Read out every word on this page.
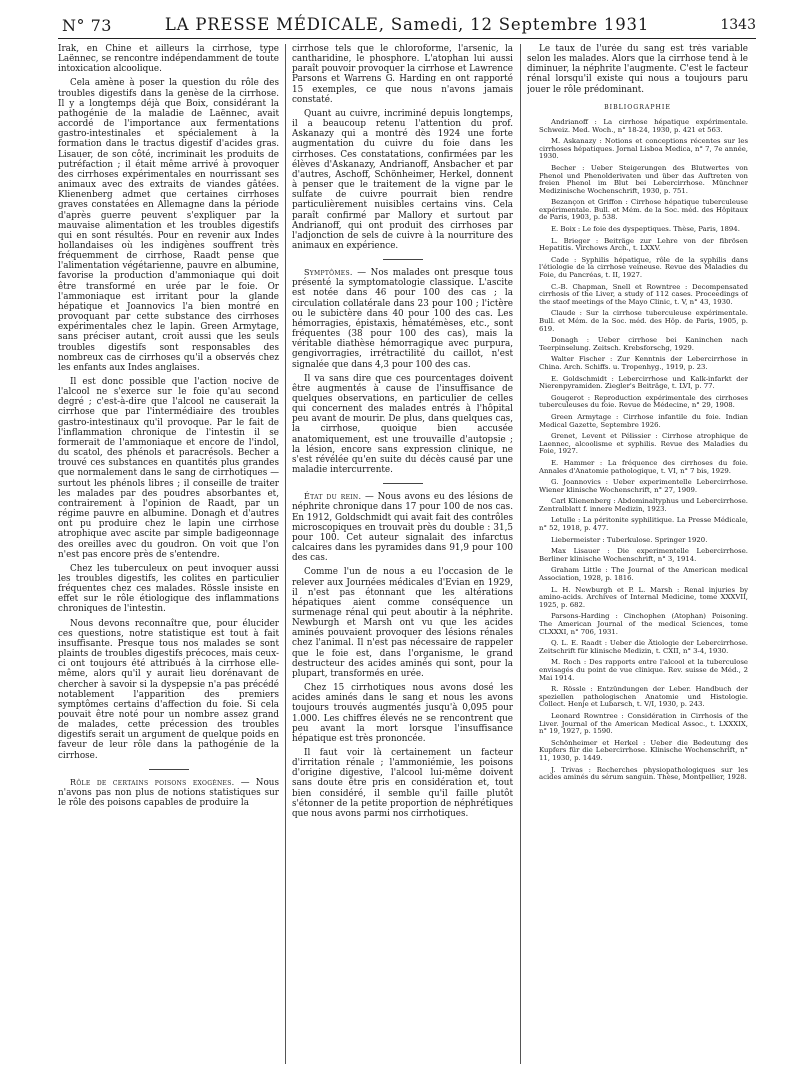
N° 73	LA PRESSE MÉDICALE, Samedi, 12 Septembre 1931	1343

Irak, en Chine et ailleurs la cirrhose, type Laënnec, se rencontre indépendamment de toute intoxication alcoolique.

Cela amène à poser la question du rôle des troubles digestifs dans la genèse de la cirrhose. Il y a longtemps déjà que Boix, considérant la pathogénie de la maladie de Laënnec, avait accordé de l'importance aux fermentations gastro-intestinales et spécialement à la formation dans le tractus digestif d'acides gras. Lisauer, de son côté, incriminait les produits de putréfaction ; il était même arrivé à provoquer des cirrhoses expérimentales en nourrissant ses animaux avec des extraits de viandes gâtées. Klienenberg admet que certaines cirrhoses graves constatées en Allemagne dans la période d'après guerre peuvent s'expliquer par la mauvaise alimentation et les troubles digestifs qui en sont résultés. Pour en revenir aux Indes hollandaises où les indigènes souffrent très fréquemment de cirrhose, Raadt pense que l'alimentation végétarienne, pauvre en albumine, favorise la production d'ammoniaque qui doit être transformé en urée par le foie. Or l'ammoniaque est irritant pour la glande hépatique et Joannovics l'a bien montré en provoquant par cette substance des cirrhoses expérimentales chez le lapin. Green Armytage, sans préciser autant, croit aussi que les seuls troubles digestifs sont responsables des nombreux cas de cirrhoses qu'il a observés chez les enfants aux Indes anglaises.

Il est donc possible que l'action nocive de l'alcool ne s'exerce sur le foie qu'au second degré ; c'est-à-dire que l'alcool ne causerait la cirrhose que par l'intermédiaire des troubles gastro-intestinaux qu'il provoque. Par le fait de l'inflammation chronique de l'intestin il se formerait de l'ammoniaque et encore de l'indol, du scatol, des phénols et paracrésols. Becher a trouvé ces substances en quantités plus grandes que normalement dans le sang de cirrhotiques — surtout les phénols libres ; il conseille de traiter les malades par des poudres absorbantes et, contrairement à l'opinion de Raadt, par un régime pauvre en albumine. Donagh et d'autres ont pu produire chez le lapin une cirrhose atrophique avec ascite par simple badigeonnage des oreilles avec du goudron. On voit que l'on n'est pas encore près de s'entendre.

Chez les tuberculeux on peut invoquer aussi les troubles digestifs, les colites en particulier fréquentes chez ces malades. Rössle insiste en effet sur le rôle étiologique des inflammations chroniques de l'intestin.

Nous devons reconnaître que, pour élucider ces questions, notre statistique est tout à fait insuffisante. Presque tous nos malades se sont plaints de troubles digestifs précoces, mais ceux-ci ont toujours été attribués à la cirrhose elle-même, alors qu'il y aurait lieu dorénavant de chercher à savoir si la dyspepsie n'a pas précédé notablement l'apparition des premiers symptômes certains d'affection du foie. Si cela pouvait être noté pour un nombre assez grand de malades, cette précession des troubles digestifs serait un argument de quelque poids en faveur de leur rôle dans la pathogénie de la cirrhose.

Rôle de certains poisons exogènes. — Nous n'avons pas non plus de notions statistiques sur le rôle des poisons capables de produire la

cirrhose tels que le chloroforme, l'arsenic, la cantharidine, le phosphore. L'atophan lui aussi paraît pouvoir provoquer la cirrhose et Lawrence Parsons et Warrens G. Harding en ont rapporté 15 exemples, ce que nous n'avons jamais constaté.

Quant au cuivre, incriminé depuis longtemps, il a beaucoup retenu l'attention du prof. Askanazy qui a montré dès 1924 une forte augmentation du cuivre du foie dans les cirrhoses. Ces constatations, confirmées par les élèves d'Askanazy, Andrianoff, Ansbacher et par d'autres, Aschoff, Schönheimer, Herkel, donnent à penser que le traitement de la vigne par le sulfate de cuivre pourrait bien rendre particulièrement nuisibles certains vins. Cela paraît confirmé par Mallory et surtout par Andrianoff, qui ont produit des cirrhoses par l'adjonction de sels de cuivre à la nourriture des animaux en expérience.

Symptômes. — Nos malades ont presque tous présenté la symptomatologie classique. L'ascite est notée dans 46 pour 100 des cas ; la circulation collatérale dans 23 pour 100 ; l'ictère ou le subictère dans 40 pour 100 des cas. Les hémorragies, épistaxis, hématémèses, etc., sont fréquentes (38 pour 100 des cas), mais la véritable diathèse hémorragique avec purpura, gengivorragies, irrétractilité du caillot, n'est signalée que dans 4,3 pour 100 des cas.

Il va sans dire que ces pourcentages doivent être augmentés à cause de l'insuffisance de quelques observations, en particulier de celles qui concernent des malades entrés à l'hôpital peu avant de mourir. De plus, dans quelques cas, la cirrhose, quoique bien accusée anatomiquement, est une trouvaille d'autopsie ; la lésion, encore sans expression clinique, ne s'est révélée qu'en suite du décès causé par une maladie intercurrente.

État du rein. — Nous avons eu des lésions de néphrite chronique dans 17 pour 100 de nos cas. En 1912, Goldschmidt qui avait fait des contrôles microscopiques en trouvait près du double : 31,5 pour 100. Cet auteur signalait des infarctus calcaires dans les pyramides dans 91,9 pour 100 des cas.

Comme l'un de nous a eu l'occasion de le relever aux Journées médicales d'Evian en 1929, il n'est pas étonnant que les altérations hépatiques aient comme conséquence un surmenage rénal qui peut aboutir à la néphrite. Newburgh et Marsh ont vu que les acides aminés pouvaient provoquer des lésions rénales chez l'animal. Il n'est pas nécessaire de rappeler que le foie est, dans l'organisme, le grand destructeur des acides aminés qui sont, pour la plupart, transformés en urée.

Chez 15 cirrhotiques nous avons dosé les acides aminés dans le sang et nous les avons toujours trouvés augmentés jusqu'à 0,095 pour 1.000. Les chiffres élevés ne se rencontrent que peu avant la mort lorsque l'insuffisance hépatique est très prononcée.

Il faut voir là certainement un facteur d'irritation rénale ; l'ammoniémie, les poisons d'origine digestive, l'alcool lui-même doivent sans doute être pris en considération et, tout bien considéré, il semble qu'il faille plutôt s'étonner de la petite proportion de néphrétiques que nous avons parmi nos cirrhotiques.

Le taux de l'urée du sang est très variable selon les malades. Alors que la cirrhose tend à le diminuer, la néphrite l'augmente. C'est le facteur rénal lorsqu'il existe qui nous a toujours paru jouer le rôle prédominant.

BIBLIOGRAPHIE

Andrianoff : La cirrhose hépatique expérimentale. Schweiz. Med. Woch., n° 18-24, 1930, p. 421 et 563.

M. Askanazy : Notions et conceptions récentes sur les cirrhoses hépatiques. Jornal Lisboa Medica, n° 7, 7e année, 1930.

Becher : Ueber Steigerungen des Blutwertes von Phenol und Phenolderivaten und über das Auftreten von freien Phenol im Blut bei Lebercirrhose. Münchner Medizinische Wochenschrift, 1930, p. 751.

Bezançon et Griffon : Cirrhose hépatique tuberculeuse expérimentale. Bull. et Mém. de la Soc. méd. des Hôpitaux de Paris, 1903, p. 538.

E. Boix : Le foie des dyspeptiques. Thèse, Paris, 1894.

L. Brieger : Beiträge zur Lehre von der fibrösen Hepatitis. Virchows Arch., t. LXXV.

Cade : Syphilis hépatique, rôle de la syphilis dans l'étiologie de la cirrhose veineuse. Revue des Maladies du Foie, du Pancréas, t. II, 1927.

C.-B. Chapman, Snell et Rowntree : Decompensated cirrhosis of the Liver, a study of 112 cases. Proceedings of the staof meetings of the Mayo Clinic, t. V, n° 43, 1930.

Claude : Sur la cirrhose tuberculeuse expérimentale. Bull. et Mém. de la Soc. méd. des Hôp. de Paris, 1905, p. 619.

Donagh : Ueber cirrhose bei Kaninchen nach Teerpinselung. Zeitsch. Krebsforschg, 1929.

Walter Fischer : Zur Kenntnis der Lebercirrhose in China. Arch. Schiffs. u. Tropenhyg., 1919, p. 23.

E. Goldschmidt : Lebercirrhose und Kalk-infarkt der Nierenpyramiden. Ziegler's Beiträge, t. LVI, p. 77.

Gougerot : Reproduction expérimentale des cirrhoses tuberculeuses du foie. Revue de Médecine, n° 29, 1908.

Green Armytage : Cirrhose infantile du foie. Indian Medical Gazette, Septembre 1926.

Grenet, Levent et Pélissier : Cirrhose atrophique de Laennec, alcoolisme et syphilis. Revue des Maladies du Foie, 1927.

E. Hammer : La fréquence des cirrhoses du foie. Annales d'Anatomie pathologique, t. VI, n° 7 bis, 1929.

G. Joannovics : Ueber experimentelle Lebercirrhose. Wiener klinische Wochenschrift, n° 27, 1909.

Carl Klienenberg : Abdominaltyphus und Lebercirrhose. Zentralblatt f. innere Medizin, 1923.

Letulle : La péritonite syphilitique. La Presse Médicale, n° 52, 1918, p. 477.

Liebermeister : Tuberkulose. Springer 1920.

Max Lisauer : Die experimentelle Lebercirrhose. Berliner klinische Wochenschrift, n° 3, 1914.

Graham Little : The Journal of the American medical Association, 1928, p. 1816.

L. H. Newburgh et P. L. Marsh : Renal injuries by amino-acids. Archives of Internal Medicine, tome XXXVII, 1925, p. 682.

Parsons-Harding : Cinchophen (Atophan) Poisoning. The American Journal of the medical Sciences, tome CLXXXI, n° 706, 1931.

Q. L. E. Raadt : Ueber die Ätiologie der Lebercirrhose. Zeitschrift für klinische Medizin, t. CXII, n° 3-4, 1930.

M. Roch : Des rapports entre l'alcool et la tuberculose envisagés du point de vue clinique. Rev. suisse de Méd., 2 Mai 1914.

R. Rössle : Entzündungen der Leber. Handbuch der speziellen pathologischen Anatomie und Histologie. Collect. Henje et Lubarsch, t. V/I, 1930, p. 243.

Leonard Rowntree : Considération in Cirrhosis of the Liver. Journal of the American Medical Assoc., t. LXXXIX, n° 19, 1927, p. 1590.

Schönheimer et Herkel : Ueber die Bedeutung des Kupfers für die Lebercirrhose. Klinische Wochenschrift, n° 11, 1930, p. 1449.

J. Trivas : Recherches physiopathologiques sur les acides aminés du sérum sanguin. Thèse, Montpellier, 1928.
